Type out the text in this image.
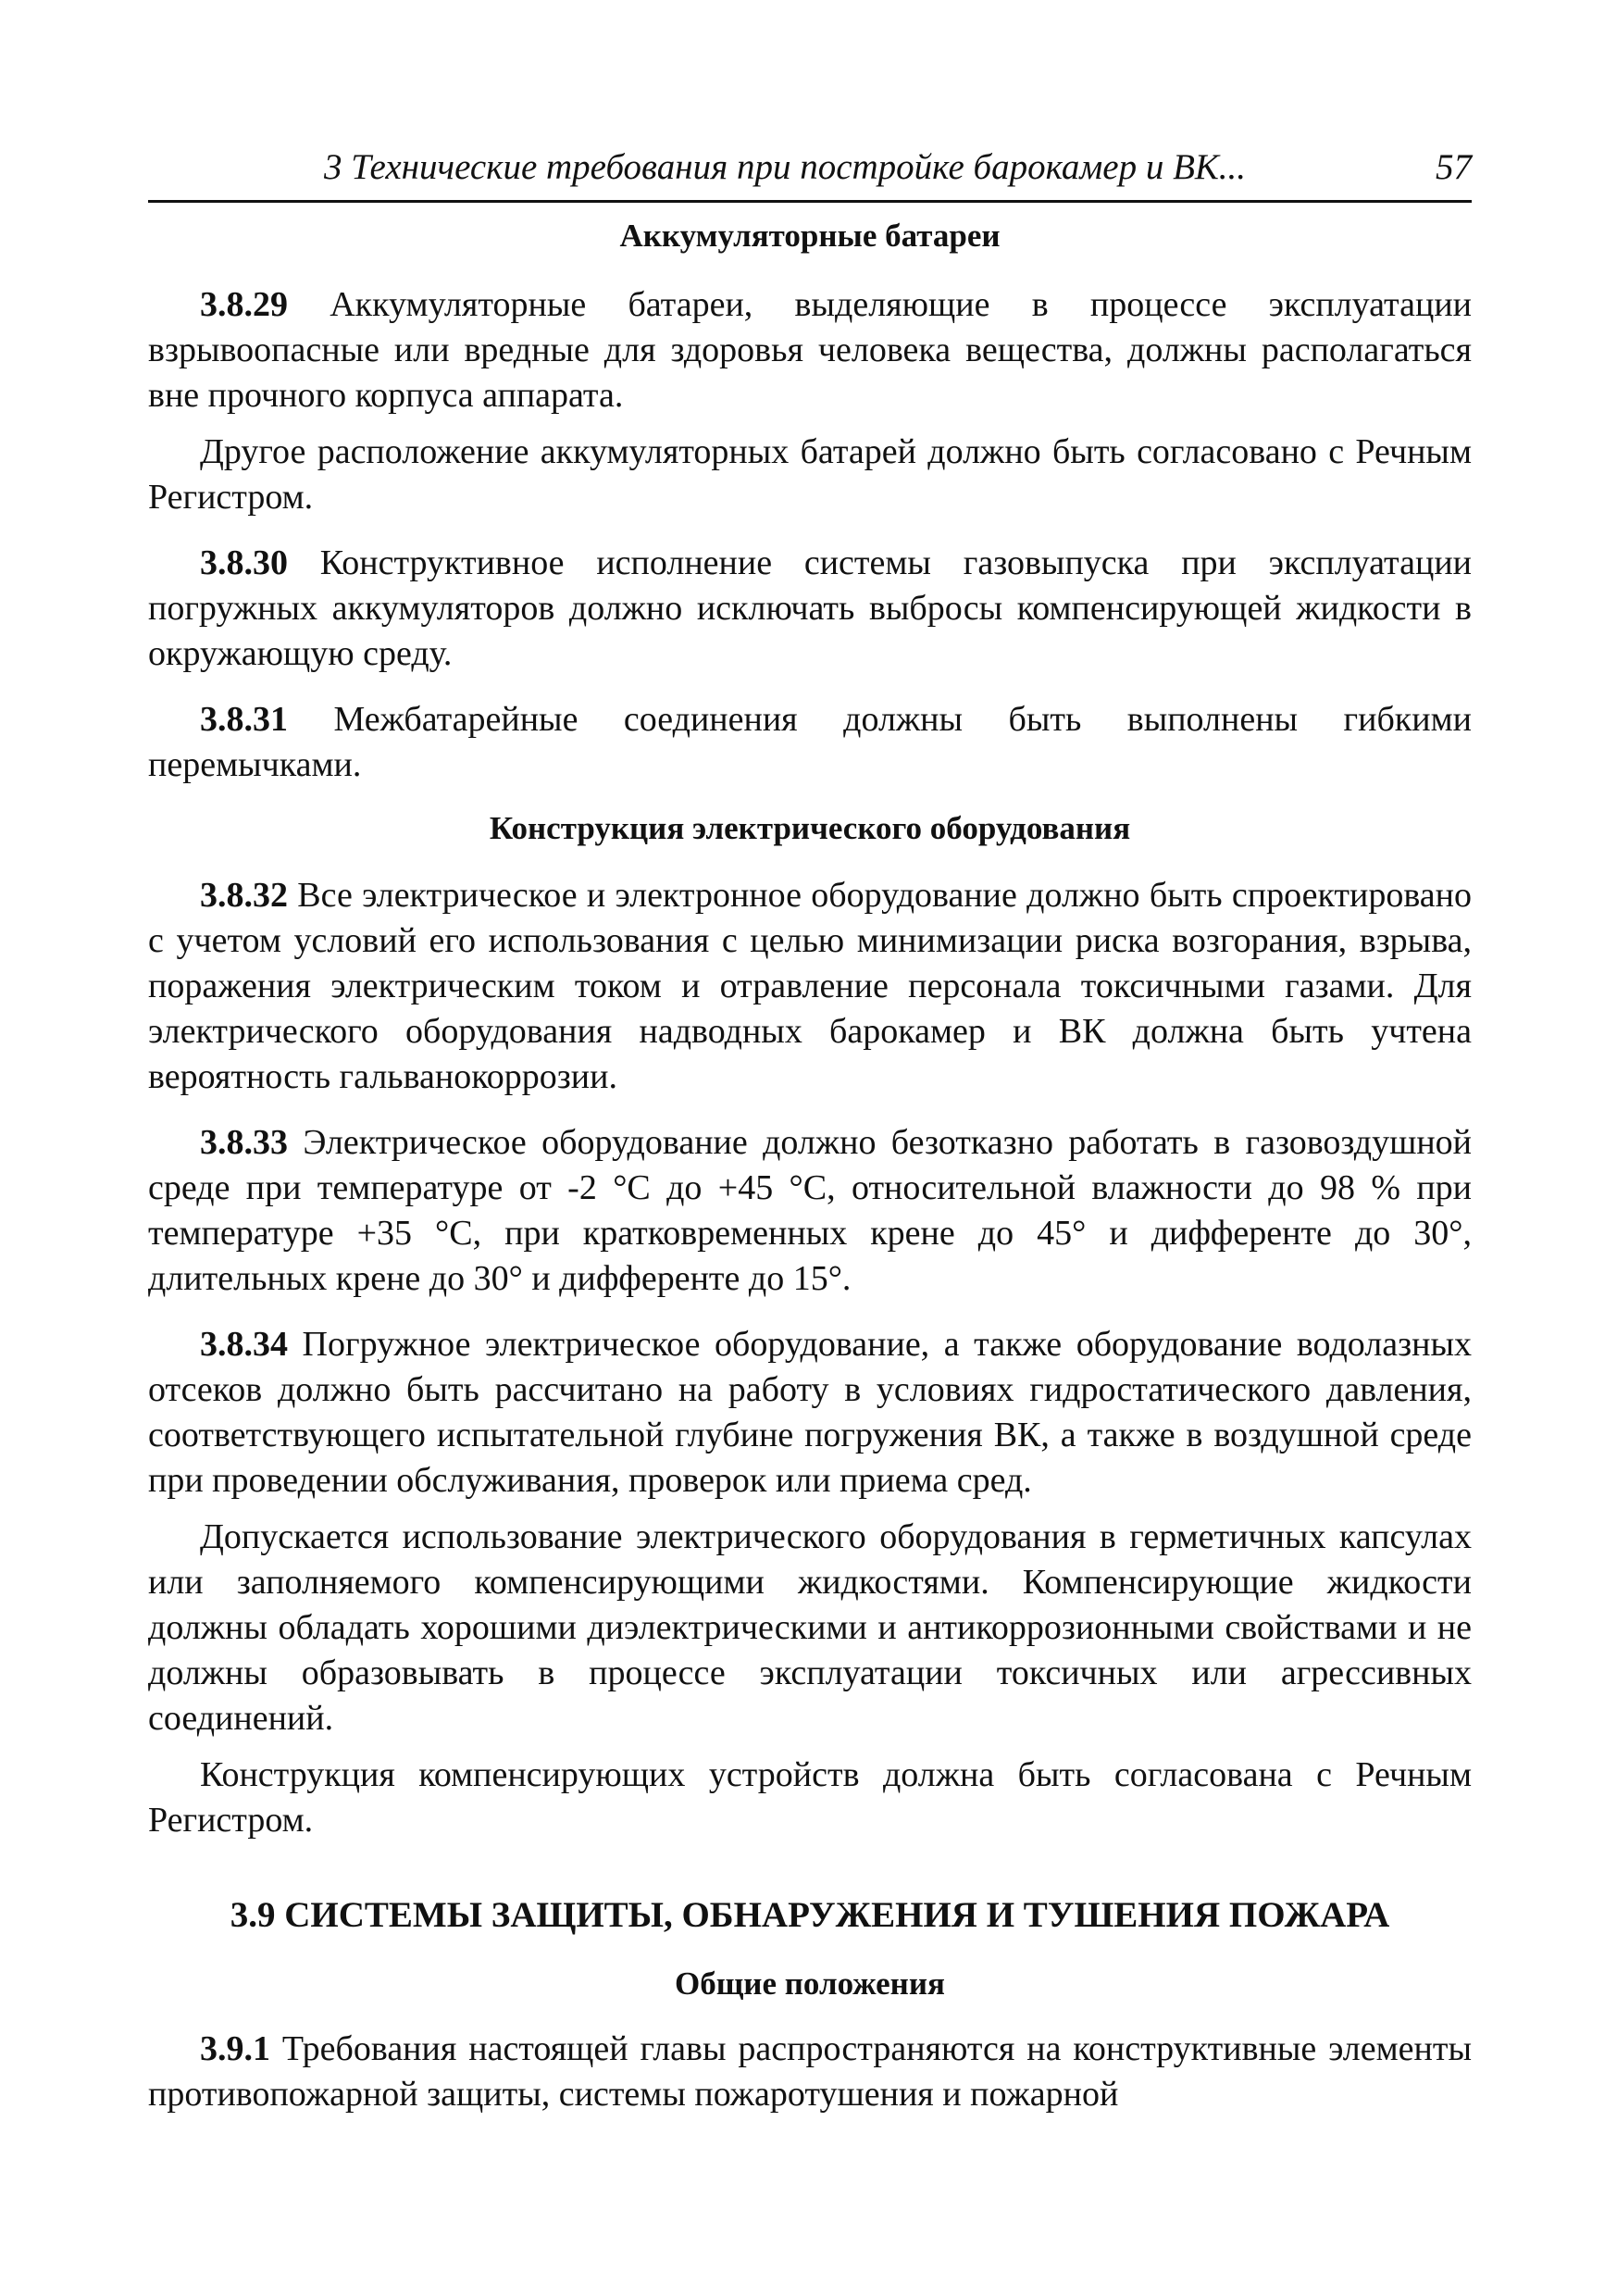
3 Технические требования при постройке барокамер и ВК...	57
Аккумуляторные батареи

3.8.29 Аккумуляторные батареи, выделяющие в процессе эксплуатации взрывоопасные или вредные для здоровья человека вещества, должны располагаться вне прочного корпуса аппарата.

Другое расположение аккумуляторных батарей должно быть согласовано с Речным Регистром.

3.8.30 Конструктивное исполнение системы газовыпуска при эксплуатации погружных аккумуляторов должно исключать выбросы компенсирующей жидкости в окружающую среду.

3.8.31 Межбатарейные соединения должны быть выполнены гибкими перемычками.

Конструкция электрического оборудования

3.8.32 Все электрическое и электронное оборудование должно быть спроектировано с учетом условий его использования с целью минимизации риска возгорания, взрыва, поражения электрическим током и отравление персонала токсичными газами. Для электрического оборудования надводных барокамер и ВК должна быть учтена вероятность гальванокоррозии.

3.8.33 Электрическое оборудование должно безотказно работать в газовоздушной среде при температуре от -2 °С до +45 °С, относительной влажности до 98 % при температуре +35 °С, при кратковременных крене до 45° и дифференте до 30°, длительных крене до 30° и дифференте до 15°.

3.8.34 Погружное электрическое оборудование, а также оборудование водолазных отсеков должно быть рассчитано на работу в условиях гидростатического давления, соответствующего испытательной глубине погружения ВК, а также в воздушной среде при проведении обслуживания, проверок или приема сред.

Допускается использование электрического оборудования в герметичных капсулах или заполняемого компенсирующими жидкостями. Компенсирующие жидкости должны обладать хорошими диэлектрическими и антикоррозионными свойствами и не должны образовывать в процессе эксплуатации токсичных или агрессивных соединений.

Конструкция компенсирующих устройств должна быть согласована с Речным Регистром.

3.9 СИСТЕМЫ ЗАЩИТЫ, ОБНАРУЖЕНИЯ И ТУШЕНИЯ ПОЖАРА
Общие положения

3.9.1 Требования настоящей главы распространяются на конструктивные элементы противопожарной защиты, системы пожаротушения и пожарной
